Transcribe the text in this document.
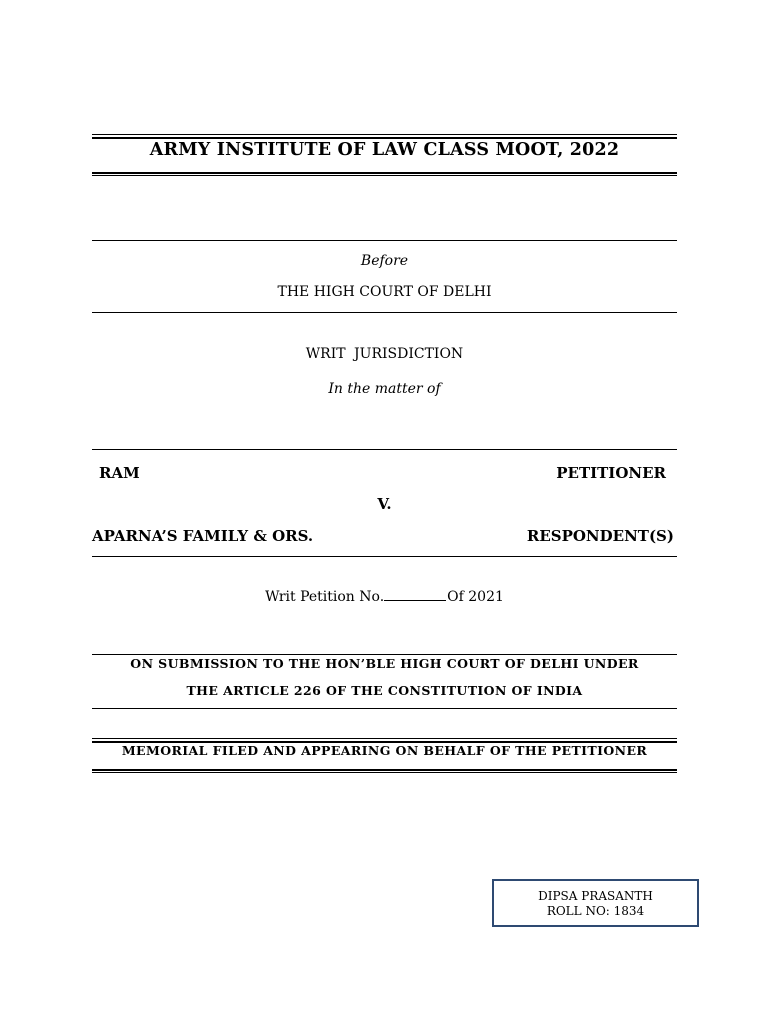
ARMY INSTITUTE OF LAW CLASS MOOT, 2022
Before
THE HIGH COURT OF DELHI
WRIT JURISDICTION
In the matter of
RAM	PETITIONER
V.
APARNA’S FAMILY & ORS.	RESPONDENT(S)
Writ Petition No.	Of 2021
ON SUBMISSION TO THE HON’BLE HIGH COURT OF DELHI UNDER
THE ARTICLE 226 OF THE CONSTITUTION OF INDIA
MEMORIAL FILED AND APPEARING ON BEHALF OF THE PETITIONER
DIPSA PRASANTH
ROLL NO: 1834
